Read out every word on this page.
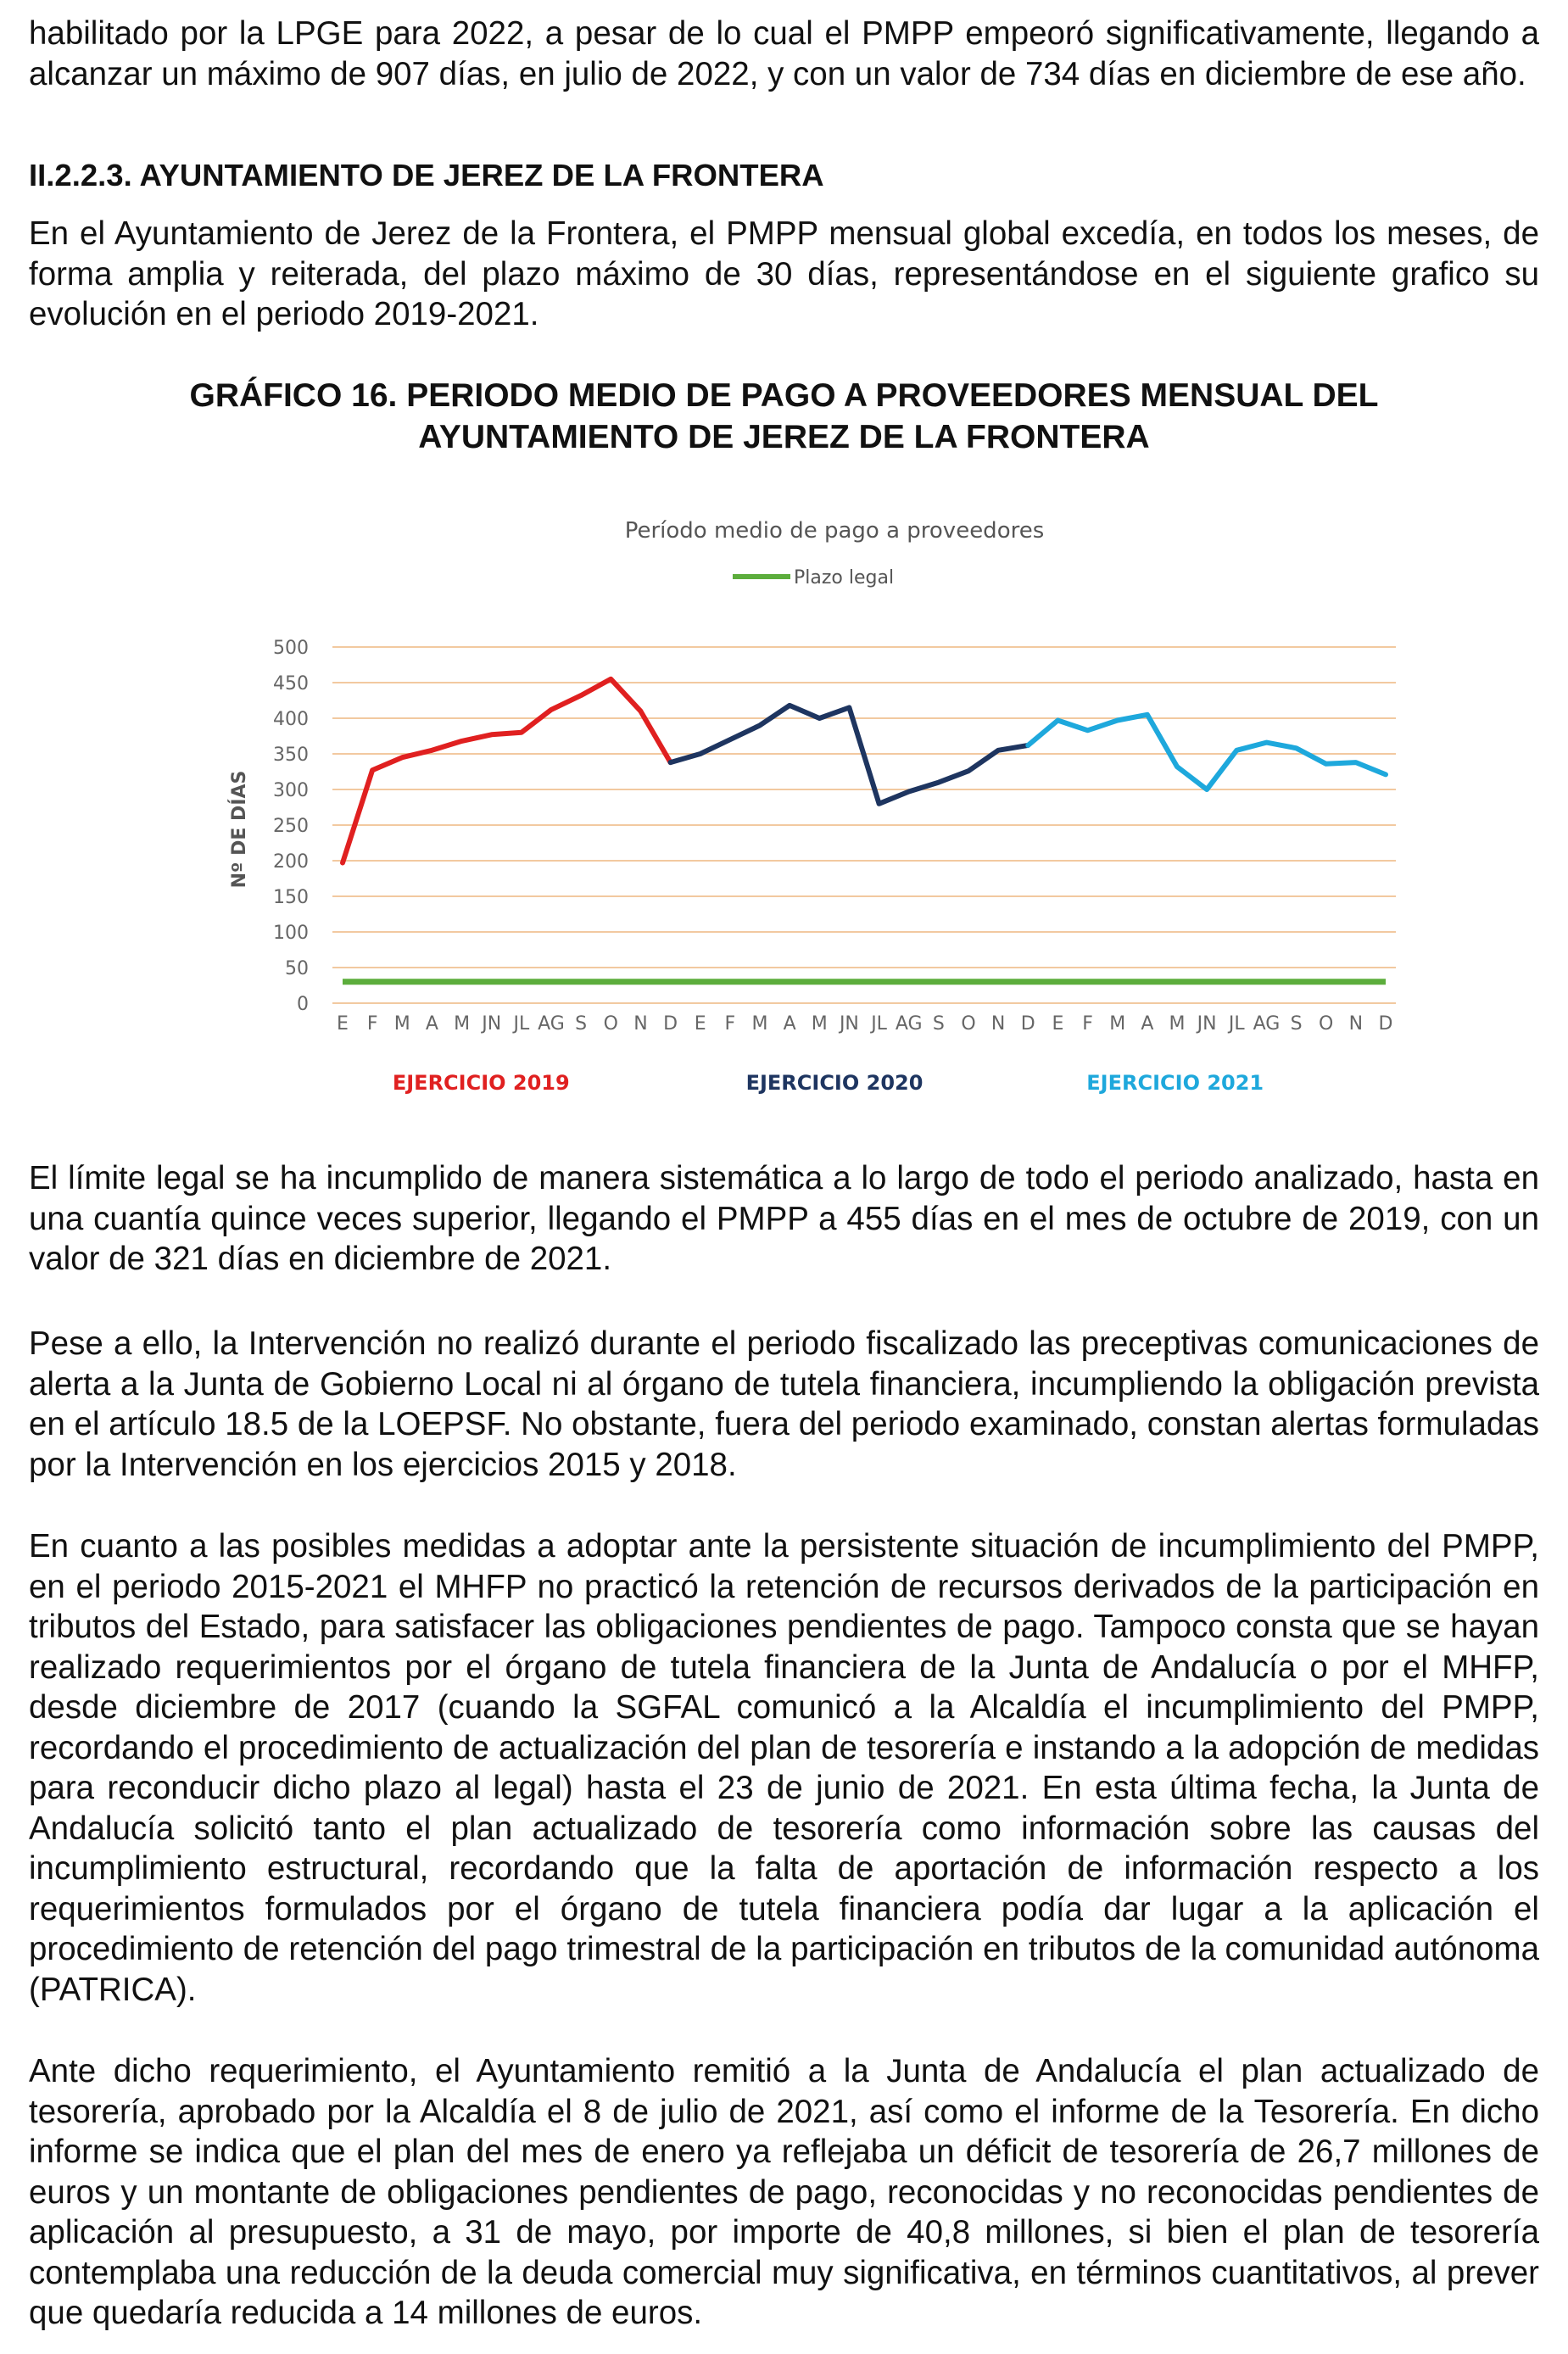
habilitado por la LPGE para 2022, a pesar de lo cual el PMPP empeoró significativamente, llegando a alcanzar un máximo de 907 días, en julio de 2022, y con un valor de 734 días en diciembre de ese año.

II.2.2.3. AYUNTAMIENTO DE JEREZ DE LA FRONTERA

En el Ayuntamiento de Jerez de la Frontera, el PMPP mensual global excedía, en todos los meses, de forma amplia y reiterada, del plazo máximo de 30 días, representándose en el siguiente grafico su evolución en el periodo 2019-2021.

GRÁFICO 16. PERIODO MEDIO DE PAGO A PROVEEDORES MENSUAL DEL
AYUNTAMIENTO DE JEREZ DE LA FRONTERA
Período medio de pago a proveedores
Plazo legal
0
50
100
150
200
250
300
350
400
450
500
Nº DE DÍAS
E F M A M JN JL AG S O N D E F M A M JN JL AG S O N D E F M A M JN JL AG S O N D
EJERCICIO 2019	EJERCICIO 2020	EJERCICIO 2021

El límite legal se ha incumplido de manera sistemática a lo largo de todo el periodo analizado, hasta en una cuantía quince veces superior, llegando el PMPP a 455 días en el mes de octubre de 2019, con un valor de 321 días en diciembre de 2021.

Pese a ello, la Intervención no realizó durante el periodo fiscalizado las preceptivas comunicaciones de alerta a la Junta de Gobierno Local ni al órgano de tutela financiera, incumpliendo la obligación prevista en el artículo 18.5 de la LOEPSF. No obstante, fuera del periodo examinado, constan alertas formuladas por la Intervención en los ejercicios 2015 y 2018.

En cuanto a las posibles medidas a adoptar ante la persistente situación de incumplimiento del PMPP, en el periodo 2015-2021 el MHFP no practicó la retención de recursos derivados de la participación en tributos del Estado, para satisfacer las obligaciones pendientes de pago. Tampoco consta que se hayan realizado requerimientos por el órgano de tutela financiera de la Junta de Andalucía o por el MHFP, desde diciembre de 2017 (cuando la SGFAL comunicó a la Alcaldía el incumplimiento del PMPP, recordando el procedimiento de actualización del plan de tesorería e instando a la adopción de medidas para reconducir dicho plazo al legal) hasta el 23 de junio de 2021. En esta última fecha, la Junta de Andalucía solicitó tanto el plan actualizado de tesorería como información sobre las causas del incumplimiento estructural, recordando que la falta de aportación de información respecto a los requerimientos formulados por el órgano de tutela financiera podía dar lugar a la aplicación el procedimiento de retención del pago trimestral de la participación en tributos de la comunidad autónoma (PATRICA).

Ante dicho requerimiento, el Ayuntamiento remitió a la Junta de Andalucía el plan actualizado de tesorería, aprobado por la Alcaldía el 8 de julio de 2021, así como el informe de la Tesorería. En dicho informe se indica que el plan del mes de enero ya reflejaba un déficit de tesorería de 26,7 millones de euros y un montante de obligaciones pendientes de pago, reconocidas y no reconocidas pendientes de aplicación al presupuesto, a 31 de mayo, por importe de 40,8 millones, si bien el plan de tesorería contemplaba una reducción de la deuda comercial muy significativa, en términos cuantitativos, al prever que quedaría reducida a 14 millones de euros.
